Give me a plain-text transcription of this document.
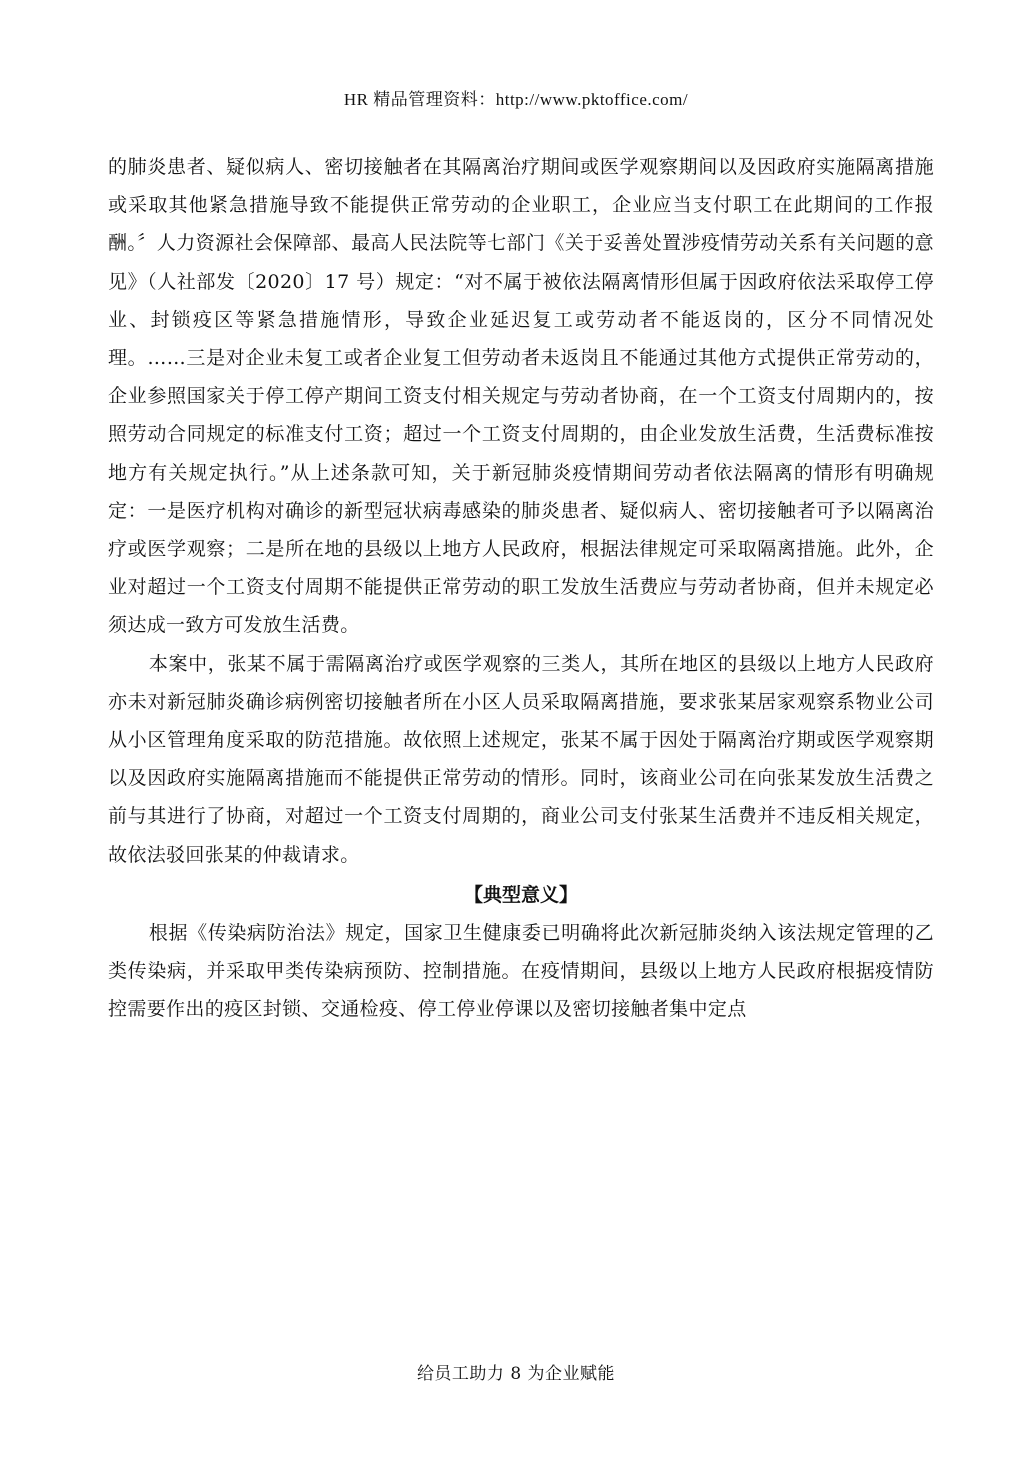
HR 精品管理资料：http://www.pktoffice.com/

的肺炎患者、疑似病人、密切接触者在其隔离治疗期间或医学观察期间以及因政府实施隔离措施或采取其他紧急措施导致不能提供正常劳动的企业职工，企业应当支付职工在此期间的工作报酬。〞人力资源社会保障部、最高人民法院等七部门《关于妥善处置涉疫情劳动关系有关问题的意见》（人社部发〔2020〕17 号）规定：“对不属于被依法隔离情形但属于因政府依法采取停工停业、封锁疫区等紧急措施情形，导致企业延迟复工或劳动者不能返岗的，区分不同情况处理。……三是对企业未复工或者企业复工但劳动者未返岗且不能通过其他方式提供正常劳动的，企业参照国家关于停工停产期间工资支付相关规定与劳动者协商，在一个工资支付周期内的，按照劳动合同规定的标准支付工资；超过一个工资支付周期的，由企业发放生活费，生活费标准按地方有关规定执行。”从上述条款可知，关于新冠肺炎疫情期间劳动者依法隔离的情形有明确规定：一是医疗机构对确诊的新型冠状病毒感染的肺炎患者、疑似病人、密切接触者可予以隔离治疗或医学观察；二是所在地的县级以上地方人民政府，根据法律规定可采取隔离措施。此外，企业对超过一个工资支付周期不能提供正常劳动的职工发放生活费应与劳动者协商，但并未规定必须达成一致方可发放生活费。

本案中，张某不属于需隔离治疗或医学观察的三类人，其所在地区的县级以上地方人民政府亦未对新冠肺炎确诊病例密切接触者所在小区人员采取隔离措施，要求张某居家观察系物业公司从小区管理角度采取的防范措施。故依照上述规定，张某不属于因处于隔离治疗期或医学观察期以及因政府实施隔离措施而不能提供正常劳动的情形。同时，该商业公司在向张某发放生活费之前与其进行了协商，对超过一个工资支付周期的，商业公司支付张某生活费并不违反相关规定，故依法驳回张某的仲裁请求。

【典型意义】

根据《传染病防治法》规定，国家卫生健康委已明确将此次新冠肺炎纳入该法规定管理的乙类传染病，并采取甲类传染病预防、控制措施。在疫情期间，县级以上地方人民政府根据疫情防控需要作出的疫区封锁、交通检疫、停工停业停课以及密切接触者集中定点

给员工助力 8 为企业赋能
